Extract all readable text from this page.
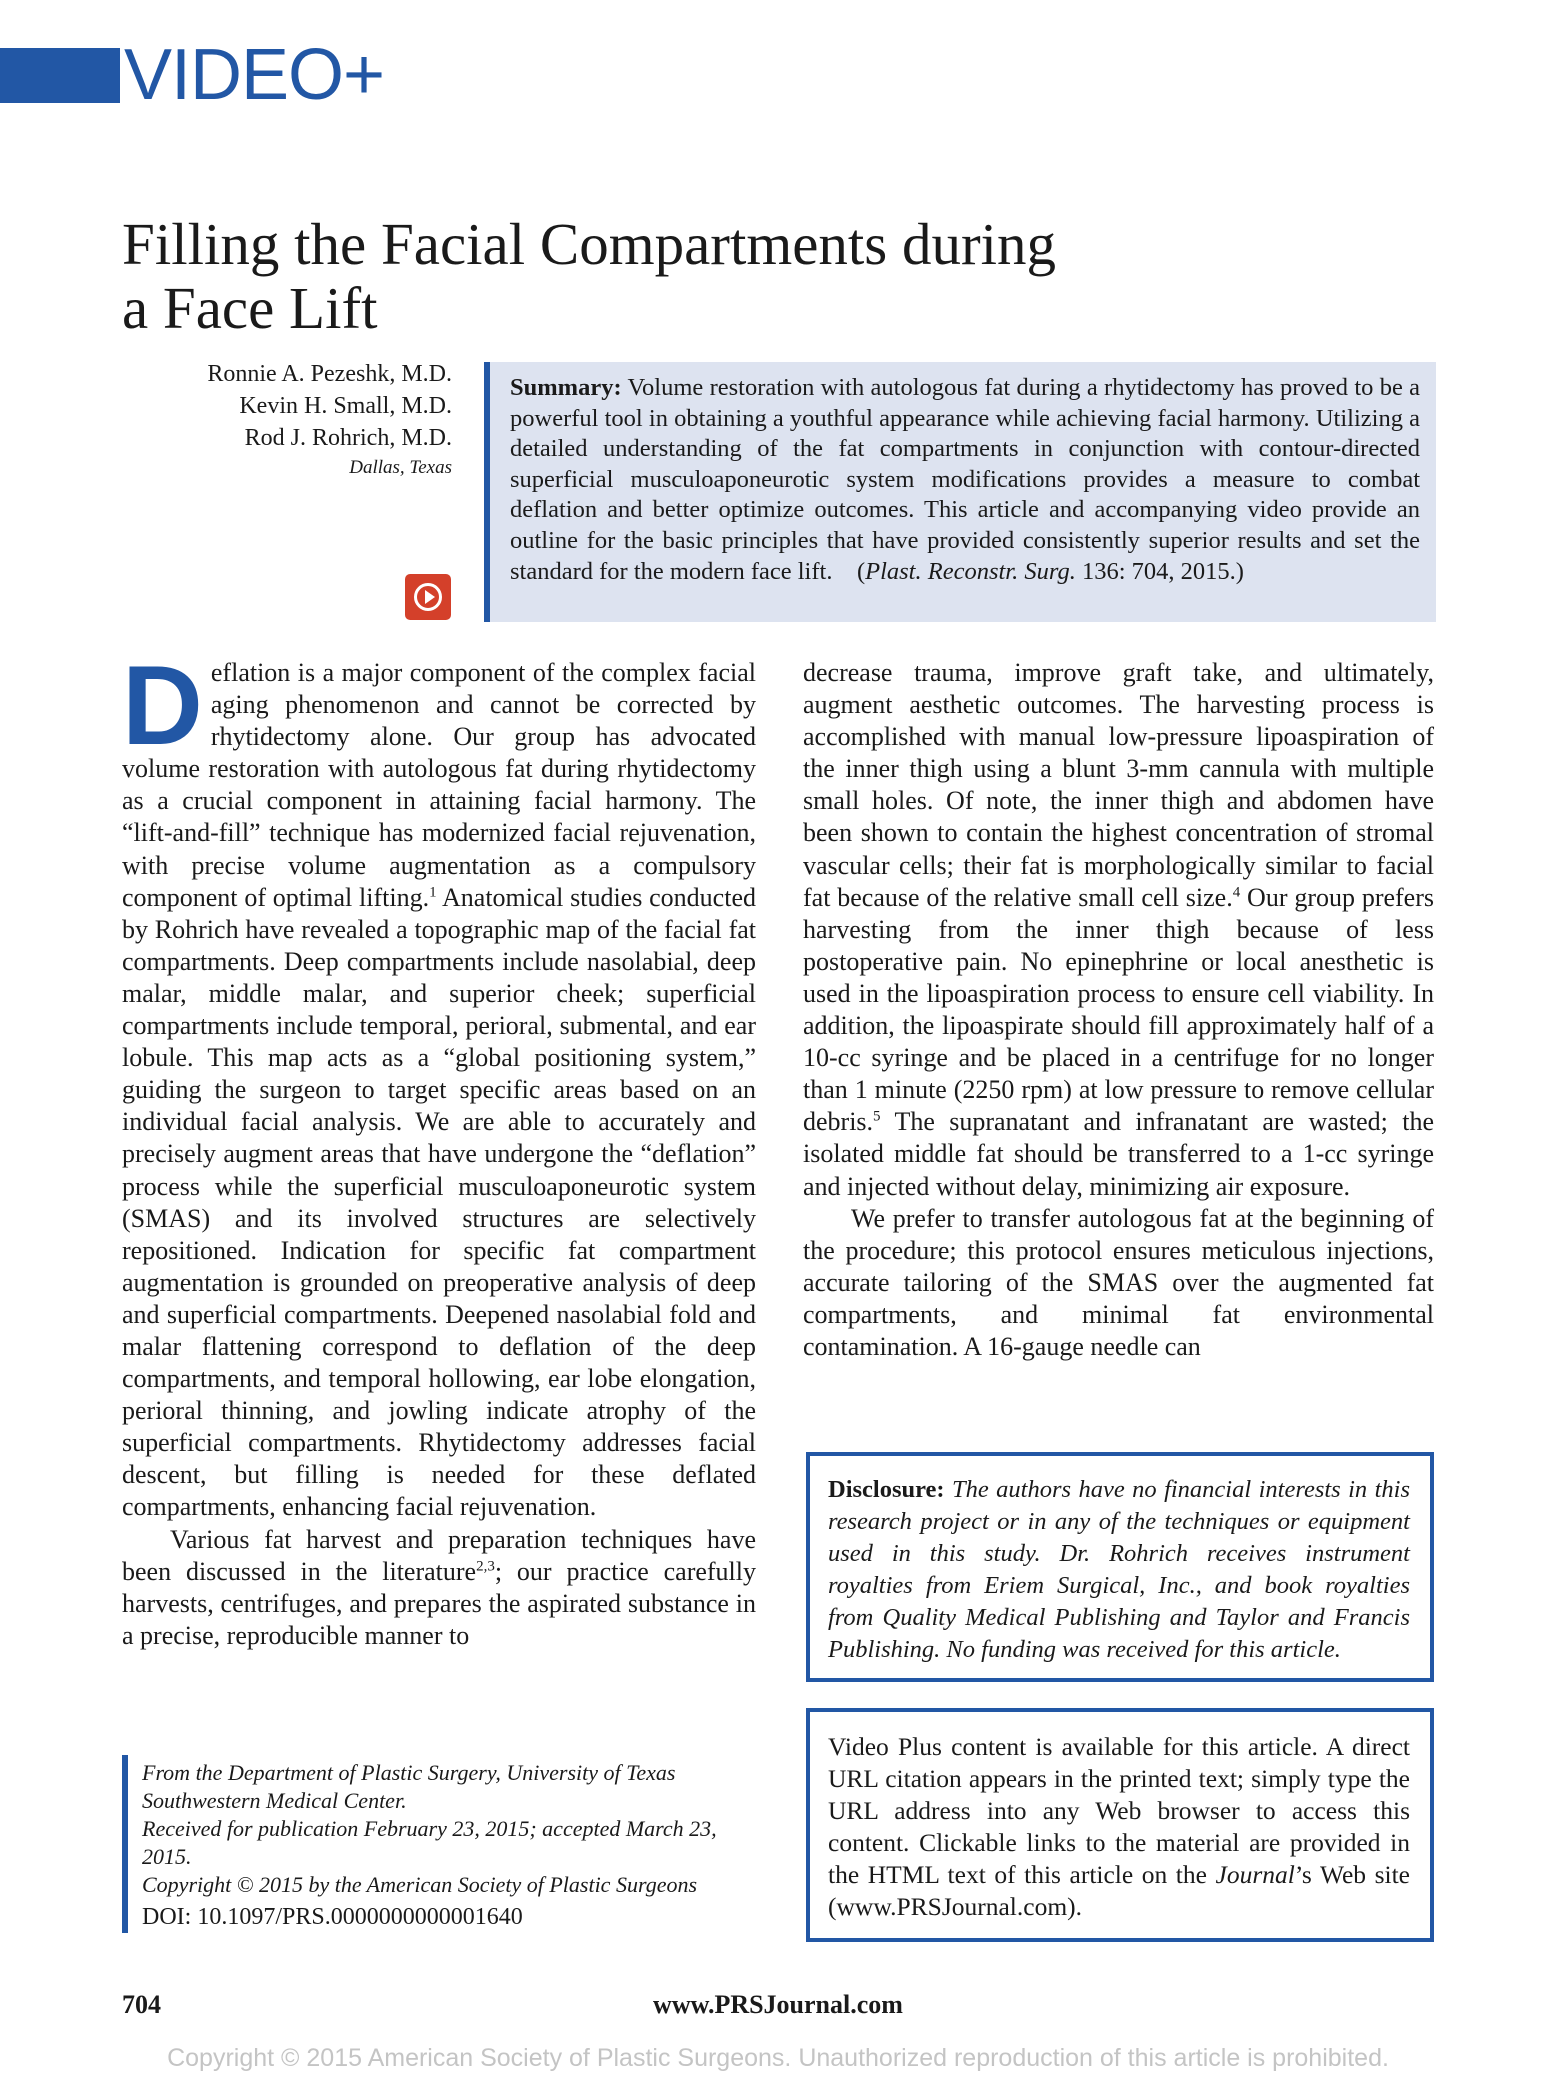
VIDEO+
Filling the Facial Compartments during
a Face Lift
Ronnie A. Pezeshk, M.D.
Kevin H. Small, M.D.
Rod J. Rohrich, M.D.
Dallas, Texas
Summary: Volume restoration with autologous fat during a rhytidectomy has proved to be a powerful tool in obtaining a youthful appearance while achieving facial harmony. Utilizing a detailed understanding of the fat compartments in conjunction with contour-directed superficial musculoaponeurotic system modifications provides a measure to combat deflation and better optimize outcomes. This article and accompanying video provide an outline for the basic principles that have provided consistently superior results and set the standard for the modern face lift. (Plast. Reconstr. Surg. 136: 704, 2015.)

Deflation is a major component of the complex facial aging phenomenon and cannot be corrected by rhytidectomy alone. Our group has advocated volume restoration with autologous fat during rhytidectomy as a crucial component in attaining facial harmony. The “lift-and-fill” technique has modernized facial rejuvenation, with precise volume augmentation as a compulsory component of optimal lifting.$^1$ Anatomical studies conducted by Rohrich have revealed a topographic map of the facial fat compartments. Deep compartments include nasolabial, deep malar, middle malar, and superior cheek; superficial compartments include temporal, perioral, submental, and ear lobule. This map acts as a “global positioning system,” guiding the surgeon to target specific areas based on an individual facial analysis. We are able to accurately and precisely augment areas that have undergone the “deflation” process while the superficial musculoaponeurotic system (SMAS) and its involved structures are selectively repositioned. Indication for specific fat compartment augmentation is grounded on preoperative analysis of deep and superficial compartments. Deepened nasolabial fold and malar flattening correspond to deflation of the deep compartments, and temporal hollowing, ear lobe elongation, perioral thinning, and jowling indicate atrophy of the superficial compartments. Rhytidectomy addresses facial descent, but filling is needed for these deflated compartments, enhancing facial rejuvenation.

Various fat harvest and preparation techniques have been discussed in the literature$^{2,3}$; our practice carefully harvests, centrifuges, and prepares the aspirated substance in a precise, reproducible manner to

decrease trauma, improve graft take, and ultimately, augment aesthetic outcomes. The harvesting process is accomplished with manual low-pressure lipoaspiration of the inner thigh using a blunt 3-mm cannula with multiple small holes. Of note, the inner thigh and abdomen have been shown to contain the highest concentration of stromal vascular cells; their fat is morphologically similar to facial fat because of the relative small cell size.$^4$ Our group prefers harvesting from the inner thigh because of less postoperative pain. No epinephrine or local anesthetic is used in the lipoaspiration process to ensure cell viability. In addition, the lipoaspirate should fill approximately half of a 10-cc syringe and be placed in a centrifuge for no longer than 1 minute (2250 rpm) at low pressure to remove cellular debris.$^5$ The supranatant and infranatant are wasted; the isolated middle fat should be transferred to a 1-cc syringe and injected without delay, minimizing air exposure.

We prefer to transfer autologous fat at the beginning of the procedure; this protocol ensures meticulous injections, accurate tailoring of the SMAS over the augmented fat compartments, and minimal fat environmental contamination. A 16-gauge needle can

Disclosure: The authors have no financial interests in this research project or in any of the techniques or equipment used in this study. Dr. Rohrich receives instrument royalties from Eriem Surgical, Inc., and book royalties from Quality Medical Publishing and Taylor and Francis Publishing. No funding was received for this article.
Video Plus content is available for this article. A direct URL citation appears in the printed text; simply type the URL address into any Web browser to access this content. Clickable links to the material are provided in the HTML text of this article on the Journal’s Web site (www.PRSJournal.com).

From the Department of Plastic Surgery, University of Texas Southwestern Medical Center.

Received for publication February 23, 2015; accepted March 23, 2015.

Copyright © 2015 by the American Society of Plastic Surgeons

DOI: 10.1097/PRS.0000000000001640

704	www.PRSJournal.com
Copyright © 2015 American Society of Plastic Surgeons. Unauthorized reproduction of this article is prohibited.
